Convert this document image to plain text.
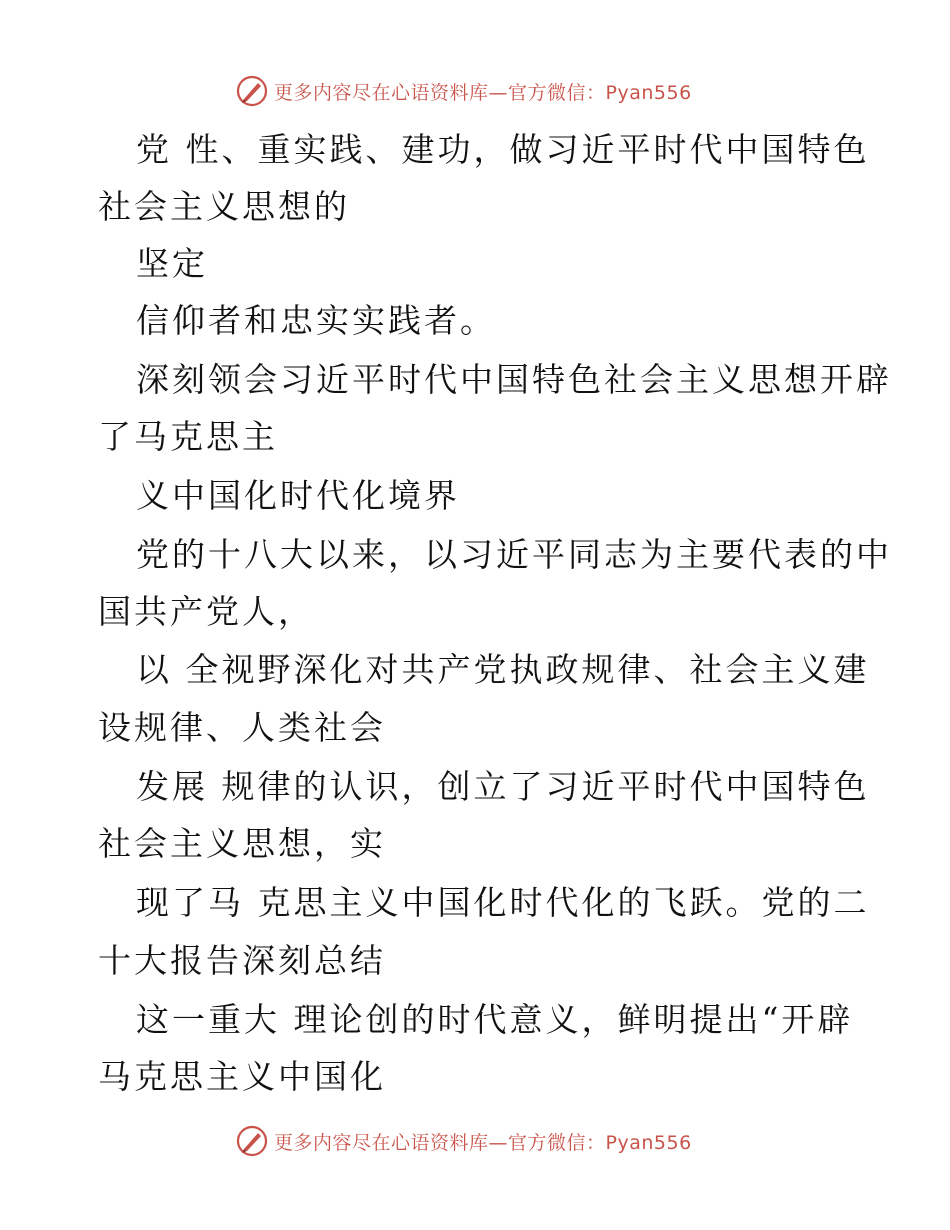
更多内容尽在心语资料库—官方微信：Pyan556
党 性、重实践、建功，做习近平时代中国特色
社会主义思想的
坚定
信仰者和忠实实践者。
深刻领会习近平时代中国特色社会主义思想开辟
了马克思主
义中国化时代化境界
党的十八大以来，以习近平同志为主要代表的中
国共产党人，
以 全视野深化对共产党执政规律、社会主义建
设规律、人类社会
发展 规律的认识，创立了习近平时代中国特色
社会主义思想，实
现了马 克思主义中国化时代化的飞跃。党的二
十大报告深刻总结
这一重大 理论创的时代意义，鲜明提出“开辟
马克思主义中国化
更多内容尽在心语资料库—官方微信：Pyan556
